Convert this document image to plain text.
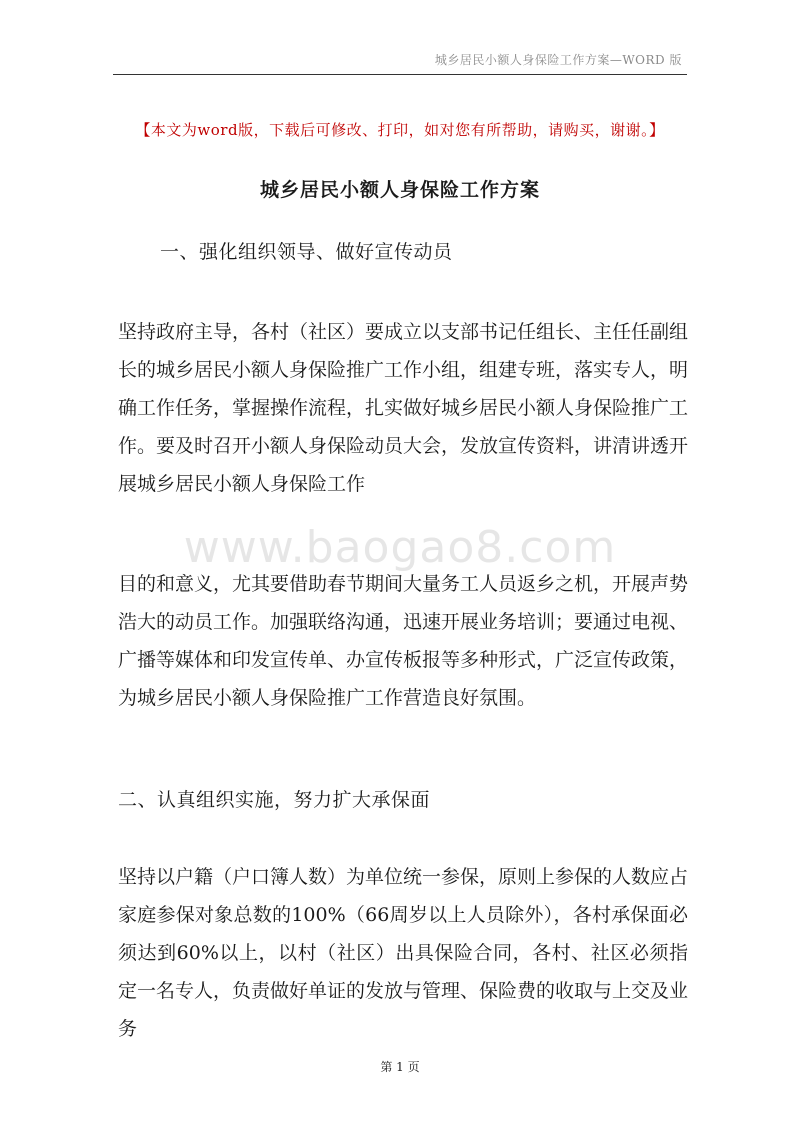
城乡居民小额人身保险工作方案—WORD 版
【本文为word版，下载后可修改、打印，如对您有所帮助，请购买，谢谢。】
城乡居民小额人身保险工作方案
一、强化组织领导、做好宣传动员

坚持政府主导，各村（社区）要成立以支部书记任组长、主任任副组长的城乡居民小额人身保险推广工作小组，组建专班，落实专人，明确工作任务，掌握操作流程，扎实做好城乡居民小额人身保险推广工作。要及时召开小额人身保险动员大会，发放宣传资料，讲清讲透开展城乡居民小额人身保险工作

www.baogao8.com

目的和意义，尤其要借助春节期间大量务工人员返乡之机，开展声势浩大的动员工作。加强联络沟通，迅速开展业务培训；要通过电视、广播等媒体和印发宣传单、办宣传板报等多种形式，广泛宣传政策，为城乡居民小额人身保险推广工作营造良好氛围。

二、认真组织实施，努力扩大承保面

坚持以户籍（户口簿人数）为单位统一参保，原则上参保的人数应占家庭参保对象总数的100%（66周岁以上人员除外），各村承保面必须达到60%以上，以村（社区）出具保险合同，各村、社区必须指定一名专人，负责做好单证的发放与管理、保险费的收取与上交及业务

第 1 页
